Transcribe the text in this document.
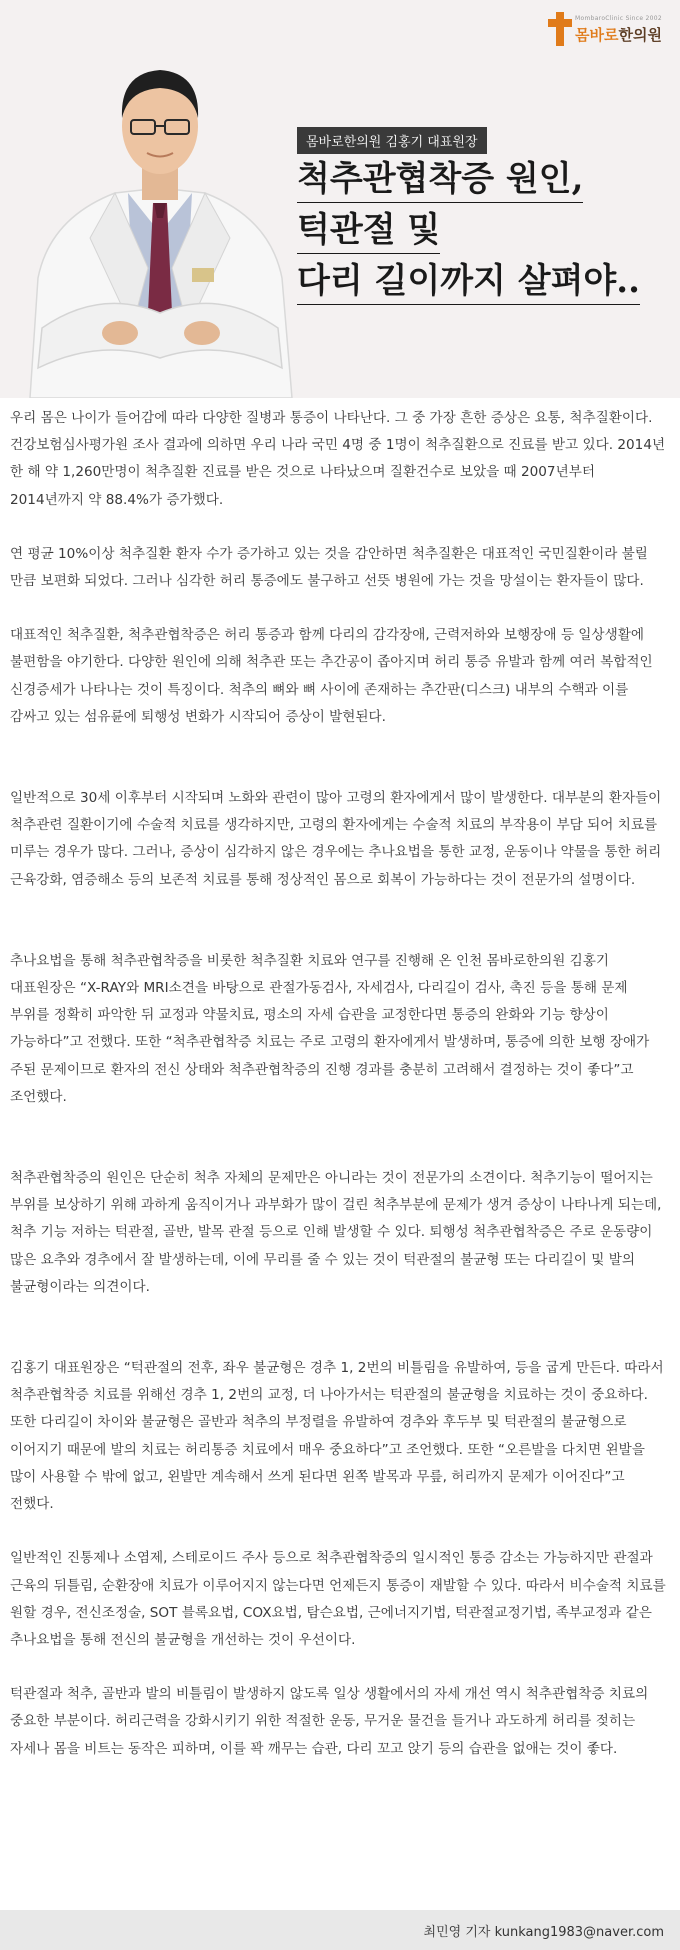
MombaroClinic Since 2002
몸바로한의원
몸바로한의원 김홍기 대표원장
척추관협착증 원인,
턱관절 및
다리 길이까지 살펴야..

우리 몸은 나이가 들어감에 따라 다양한 질병과 통증이 나타난다. 그 중 가장 흔한 증상은 요통, 척추질환이다. 건강보험심사평가원 조사 결과에 의하면 우리 나라 국민 4명 중 1명이 척추질환으로 진료를 받고 있다. 2014년 한 해 약 1,260만명이 척추질환 진료를 받은 것으로 나타났으며 질환건수로 보았을 때 2007년부터 2014년까지 약 88.4%가 증가했다.

연 평균 10%이상 척추질환 환자 수가 증가하고 있는 것을 감안하면 척추질환은 대표적인 국민질환이라 불릴 만큼 보편화 되었다. 그러나 심각한 허리 통증에도 불구하고 선뜻 병원에 가는 것을 망설이는 환자들이 많다.

대표적인 척추질환, 척추관협착증은 허리 통증과 함께 다리의 감각장애, 근력저하와 보행장애 등 일상생활에 불편함을 야기한다. 다양한 원인에 의해 척추관 또는 추간공이 좁아지며 허리 통증 유발과 함께 여러 복합적인 신경증세가 나타나는 것이 특징이다. 척추의 뼈와 뼈 사이에 존재하는 추간판(디스크) 내부의 수핵과 이를 감싸고 있는 섬유륜에 퇴행성 변화가 시작되어 증상이 발현된다.

일반적으로 30세 이후부터 시작되며 노화와 관련이 많아 고령의 환자에게서 많이 발생한다. 대부분의 환자들이 척추관련 질환이기에 수술적 치료를 생각하지만, 고령의 환자에게는 수술적 치료의 부작용이 부담 되어 치료를 미루는 경우가 많다. 그러나, 증상이 심각하지 않은 경우에는 추나요법을 통한 교정, 운동이나 약물을 통한 허리 근육강화, 염증해소 등의 보존적 치료를 통해 정상적인 몸으로 회복이 가능하다는 것이 전문가의 설명이다.

추나요법을 통해 척추관협착증을 비롯한 척추질환 치료와 연구를 진행해 온 인천 몸바로한의원 김홍기 대표원장은 “X-RAY와 MRI소견을 바탕으로 관절가동검사, 자세검사, 다리길이 검사, 촉진 등을 통해 문제 부위를 정확히 파악한 뒤 교정과 약물치료, 평소의 자세 습관을 교정한다면 통증의 완화와 기능 향상이 가능하다”고 전했다. 또한 “척추관협착증 치료는 주로 고령의 환자에게서 발생하며, 통증에 의한 보행 장애가 주된 문제이므로 환자의 전신 상태와 척추관협착증의 진행 경과를 충분히 고려해서 결정하는 것이 좋다”고 조언했다.

척추관협착증의 원인은 단순히 척추 자체의 문제만은 아니라는 것이 전문가의 소견이다. 척추기능이 떨어지는 부위를 보상하기 위해 과하게 움직이거나 과부화가 많이 걸린 척추부분에 문제가 생겨 증상이 나타나게 되는데, 척추 기능 저하는 턱관절, 골반, 발목 관절 등으로 인해 발생할 수 있다. 퇴행성 척추관협착증은 주로 운동량이 많은 요추와 경추에서 잘 발생하는데, 이에 무리를 줄 수 있는 것이 턱관절의 불균형 또는 다리길이 및 발의 불균형이라는 의견이다.

김홍기 대표원장은 “턱관절의 전후, 좌우 불균형은 경추 1, 2번의 비틀림을 유발하여, 등을 굽게 만든다. 따라서 척추관협착증 치료를 위해선 경추 1, 2번의 교정, 더 나아가서는 턱관절의 불균형을 치료하는 것이 중요하다. 또한 다리길이 차이와 불균형은 골반과 척추의 부정렬을 유발하여 경추와 후두부 및 턱관절의 불균형으로 이어지기 때문에 발의 치료는 허리통증 치료에서 매우 중요하다”고 조언했다. 또한 “오른발을 다치면 왼발을 많이 사용할 수 밖에 없고, 왼발만 계속해서 쓰게 된다면 왼쪽 발목과 무릎, 허리까지 문제가 이어진다”고 전했다.

일반적인 진통제나 소염제, 스테로이드 주사 등으로 척추관협착증의 일시적인 통증 감소는 가능하지만 관절과 근육의 뒤틀림, 순환장애 치료가 이루어지지 않는다면 언제든지 통증이 재발할 수 있다. 따라서 비수술적 치료를 원할 경우, 전신조정술, SOT 블록요법, COX요법, 탐슨요법, 근에너지기법, 턱관절교정기법, 족부교정과 같은 추나요법을 통해 전신의 불균형을 개선하는 것이 우선이다.

턱관절과 척추, 골반과 발의 비틀림이 발생하지 않도록 일상 생활에서의 자세 개선 역시 척추관협착증 치료의 중요한 부분이다. 허리근력을 강화시키기 위한 적절한 운동, 무거운 물건을 들거나 과도하게 허리를 젖히는 자세나 몸을 비트는 동작은 피하며, 이를 꽉 깨무는 습관, 다리 꼬고 앉기 등의 습관을 없애는 것이 좋다.

최민영 기자 kunkang1983@naver.com
